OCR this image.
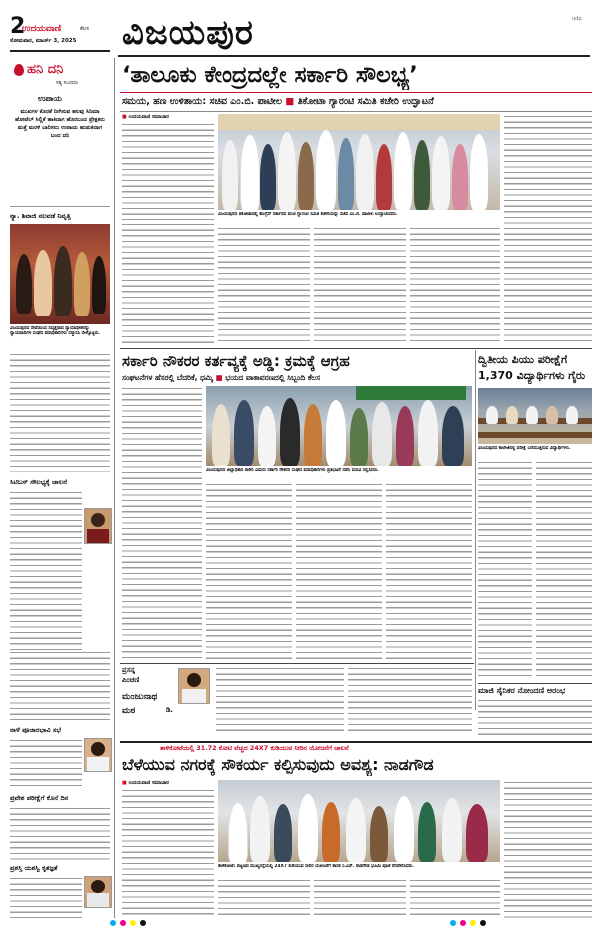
2
ಉದಯವಾಣಿ	ಕೆಲಸ
ಸೋಮವಾರ, ಮಾರ್ಚ್ 3, 2025 ವಿಜಯಪುರ	udp
ಹನಿ ದನಿ
ಸತ್ಯ ಸುಂದರಂ
ಉಪಾಯ
ಮುಖಗಳ ಕೊರತೆ ನೀಗಿಸುವ ಹಲವು ಸಿನಿಮಾ ಹೋಟೆಲ್ ಸಿಲ್ಲಿಕೆ ಹಾಕಿದಾಗ ಹೊರಬಂದ ಪ್ರೇಕ್ಷಕರು ಮತ್ತೆ ಮರಳಿ ಬಾರಿಸಲು ಉಪಾಯ ಹುಡುಕಿದಾಗ ಬಂದ ದನಿ
ನ್ಯಾ. ಶಿವಾಜಿ ನಲವಡೆ ನಿವೃತ್ತಿ
ವಿಜಯಪುರದ ಸೇವೆಯಿಂದ ನಿವೃತ್ತರಾದ ನ್ಯಾಯಾಧೀಶರನ್ನು ನ್ಯಾಯವಾದಿಗಳ ಸಂಘದ ಪದಾಧಿಕಾರಿಗಳು ಸನ್ಮಾನಿಸಿ ಬೀಳ್ಕೊಟ್ಟರು.
ಸಿಟಿಬಸ್ ಸೌಲಭ್ಯಕ್ಕೆ ಚಾಲನೆ
ನಾಳೆ ಪೂಜಾರಭಾವಿ ಸಭೆ
ಪ್ರವೇಶ ಪರೀಕ್ಷೆಗೆ ಕೊನೆ ದಿನ
ಪ್ರಶಸ್ತಿ ಯಶಸ್ವಿ ಕೃತಜ್ಞತೆ
‘ತಾಲೂಕು ಕೇಂದ್ರದಲ್ಲೇ ಸರ್ಕಾರಿ ಸೌಲಭ್ಯ’
ಸಮಯ, ಹಣ ಉಳಿತಾಯ: ಸಚಿವ ಎಂ.ಬಿ. ಪಾಟೀಲ ■ ತಿಕೋಟಾ ಗ್ಯಾರಂಟಿ ಸಮಿತಿ ಕಚೇರಿ ಉದ್ಘಾಟನೆ
■ ಉದಯವಾಣಿ ಸಮಾಚಾರ
ವಿಜಯಪುರದ ತಿಕೋಟಾದಲ್ಲಿ ಕಾಂಗ್ರೆಸ್ ಸರ್ಕಾರದ ಪಂಚ ಗ್ಯಾರಂಟಿ ಸಮಿತಿ ಕಚೇರಿಯನ್ನು ಸಚಿವ ಎಂ.ಬಿ. ಪಾಟೀಲ ಉದ್ಘಾಟಿಸಿದರು.
ಸರ್ಕಾರಿ ನೌಕರರ ಕರ್ತವ್ಯಕ್ಕೆ ಅಡ್ಡಿ: ಕ್ರಮಕ್ಕೆ ಆಗ್ರಹ
ಸಂಘಟನೆಗಳ ಹೆಸರಲ್ಲಿ ಬೆದರಿಕೆ, ಧಮ್ಕಿ ■ ಭಯದ ವಾತಾವರಣದಲ್ಲಿ ಸಿಬ್ಬಂದಿ ಕೆಲಸ
ವಿಜಯಪುರದ ಜಿಲ್ಲಾಧಿಕಾರಿ ಕಚೇರಿ ಎದುರು ಸರ್ಕಾರಿ ನೌಕರರ ಸಂಘದ ಪದಾಧಿಕಾರಿಗಳು ಪ್ರತಿಭಟನೆ ನಡೆಸಿ ಮನವಿ ಸಲ್ಲಿಸಿದರು.
ದ್ವಿತೀಯ ಪಿಯು ಪರೀಕ್ಷೆಗೆ
1,370 ವಿದ್ಯಾರ್ಥಿಗಳು ಗೈರು
ವಿಜಯಪುರದ ಕಾಲೇಜಿನಲ್ಲಿ ಪರೀಕ್ಷೆ ಬರೆಯುತ್ತಿರುವ ವಿದ್ಯಾರ್ಥಿಗಳು.
ಮಾಜಿ ಸೈನಿಕರ ನೋಂದಣಿ ಆರಂಭ
ಪ್ರಸನ್ನ
ಪಿಂಚಣಿ
ಮಂಜುನಾಥ
ಮಠ	ಡಿ.
ತಾಳಿಕೋಟೆಯಲ್ಲಿ 31.72 ಕೋಟಿ ವೆಚ್ಚದ 24X7 ಕುಡಿಯುವ ನೀರಿನ ಯೋಜನೆಗೆ ಚಾಲನೆ
ಬೆಳೆಯುವ ನಗರಕ್ಕೆ ಸೌಕರ್ಯ ಕಲ್ಪಿಸುವುದು ಅವಶ್ಯ: ನಾಡಗೌಡ
■ ಉದಯವಾಣಿ ಸಮಾಚಾರ
ತಾಳಿಕೋಟೆ: ಪಟ್ಟಣದ ಮುಖ್ಯರಸ್ತೆಯಲ್ಲಿ 24X7 ಕುಡಿಯುವ ನೀರಿನ ಯೋಜನೆಗೆ ಶಾಸಕ ಸಿ.ಎಸ್. ನಾಡಗೌಡ ಭೂಮಿ ಪೂಜೆ ನೆರವೇರಿಸಿದರು.
